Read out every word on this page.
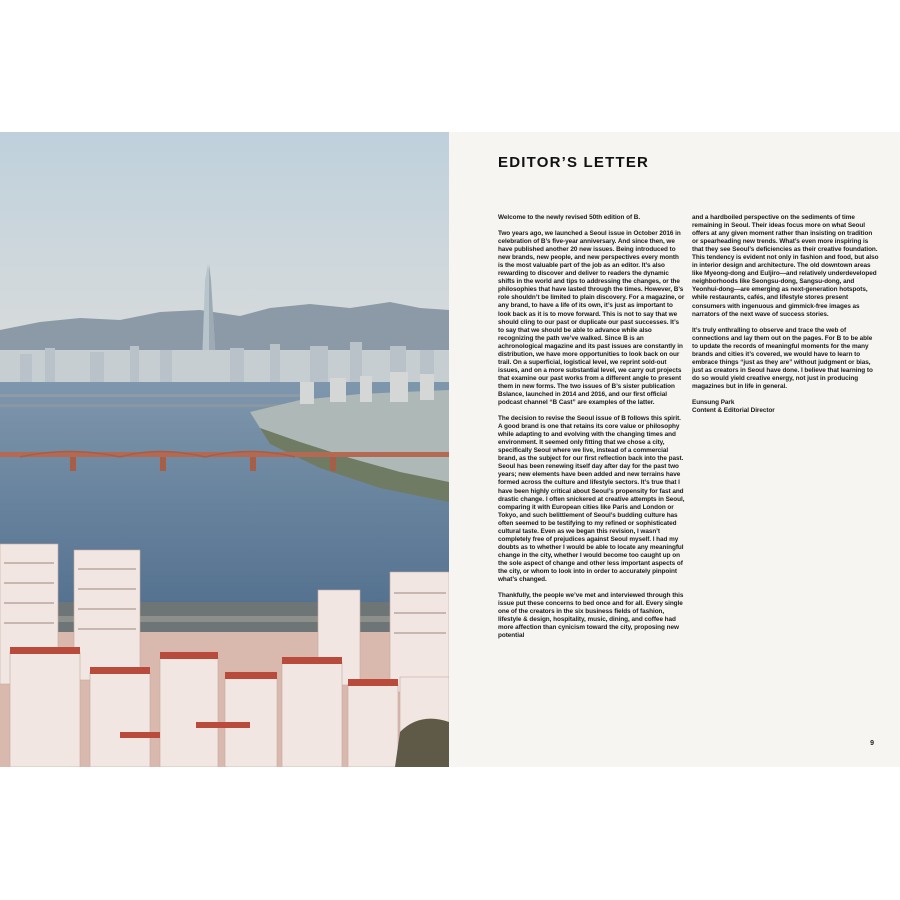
EDITOR’S LETTER

Welcome to the newly revised 50th edition of B.

Two years ago, we launched a Seoul issue in October 2016 in celebration of B’s five-year anniversary. And since then, we have published another 20 new issues. Being introduced to new brands, new people, and new perspectives every month is the most valuable part of the job as an editor. It’s also rewarding to discover and deliver to readers the dynamic shifts in the world and tips to addressing the changes, or the philosophies that have lasted through the times. However, B’s role shouldn’t be limited to plain discovery. For a magazine, or any brand, to have a life of its own, it’s just as important to look back as it is to move forward. This is not to say that we should cling to our past or duplicate our past successes. It’s to say that we should be able to advance while also recognizing the path we’ve walked. Since B is an achronological magazine and its past issues are constantly in distribution, we have more opportunities to look back on our trail. On a superficial, logistical level, we reprint sold-out issues, and on a more substantial level, we carry out projects that examine our past works from a different angle to present them in new forms. The two issues of B’s sister publication Bslance, launched in 2014 and 2016, and our first official podcast channel “B Cast” are examples of the latter.

The decision to revise the Seoul issue of B follows this spirit. A good brand is one that retains its core value or philosophy while adapting to and evolving with the changing times and environment. It seemed only fitting that we chose a city, specifically Seoul where we live, instead of a commercial brand, as the subject for our first reflection back into the past. Seoul has been renewing itself day after day for the past two years; new elements have been added and new terrains have formed across the culture and lifestyle sectors. It’s true that I have been highly critical about Seoul’s propensity for fast and drastic change. I often snickered at creative attempts in Seoul, comparing it with European cities like Paris and London or Tokyo, and such belittlement of Seoul’s budding culture has often seemed to be testifying to my refined or sophisticated cultural taste. Even as we began this revision, I wasn’t completely free of prejudices against Seoul myself. I had my doubts as to whether I would be able to locate any meaningful change in the city, whether I would become too caught up on the sole aspect of change and other less important aspects of the city, or whom to look into in order to accurately pinpoint what’s changed.

Thankfully, the people we’ve met and interviewed through this issue put these concerns to bed once and for all. Every single one of the creators in the six business fields of fashion, lifestyle & design, hospitality, music, dining, and coffee had more affection than cynicism toward the city, proposing new potential

and a hardboiled perspective on the sediments of time remaining in Seoul. Their ideas focus more on what Seoul offers at any given moment rather than insisting on tradition or spearheading new trends. What’s even more inspiring is that they see Seoul’s deficiencies as their creative foundation. This tendency is evident not only in fashion and food, but also in interior design and architecture. The old downtown areas like Myeong-dong and Euljiro—and relatively underdeveloped neighborhoods like Seongsu-dong, Sangsu-dong, and Yeonhui-dong—are emerging as next-generation hotspots, while restaurants, cafés, and lifestyle stores present consumers with ingenuous and gimmick-free images as narrators of the next wave of success stories.

It’s truly enthralling to observe and trace the web of connections and lay them out on the pages. For B to be able to update the records of meaningful moments for the many brands and cities it’s covered, we would have to learn to embrace things “just as they are” without judgment or bias, just as creators in Seoul have done. I believe that learning to do so would yield creative energy, not just in producing magazines but in life in general.

Eunsung Park
Content & Editorial Director
9
